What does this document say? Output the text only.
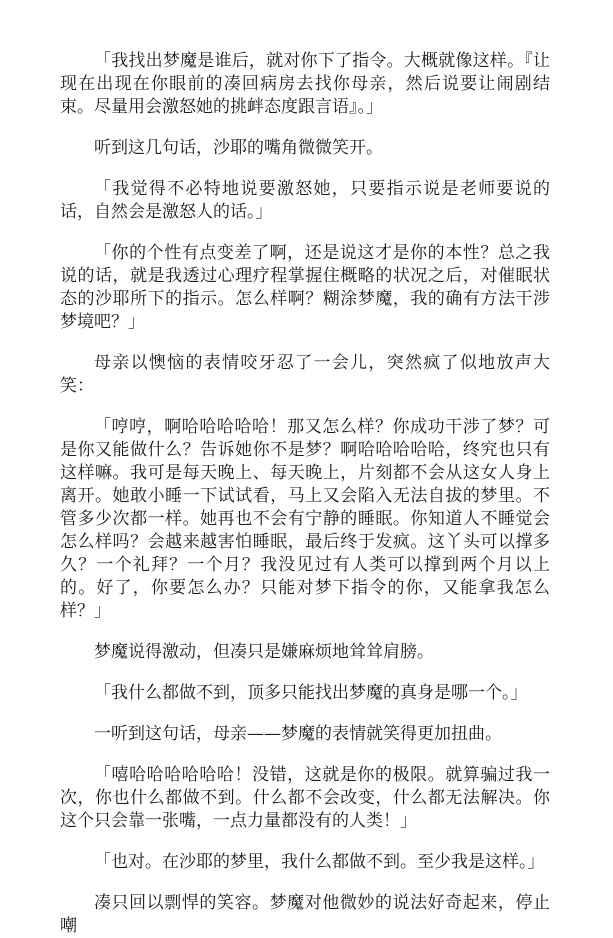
「我找出梦魔是谁后，就对你下了指令。大概就像这样。『让现在出现在你眼前的凑回病房去找你母亲，然后说要让闹剧结束。尽量用会激怒她的挑衅态度跟言语』。」

听到这几句话，沙耶的嘴角微微笑开。

「我觉得不必特地说要激怒她，只要指示说是老师要说的话，自然会是激怒人的话。」

「你的个性有点变差了啊，还是说这才是你的本性？总之我说的话，就是我透过心理疗程掌握住概略的状况之后，对催眠状态的沙耶所下的指示。怎么样啊？糊涂梦魔，我的确有方法干涉梦境吧？」

母亲以懊恼的表情咬牙忍了一会儿，突然疯了似地放声大笑：

「哼哼，啊哈哈哈哈哈！那又怎么样？你成功干涉了梦？可是你又能做什么？告诉她你不是梦？啊哈哈哈哈哈，终究也只有这样嘛。我可是每天晚上、每天晚上，片刻都不会从这女人身上离开。她敢小睡一下试试看，马上又会陷入无法自拔的梦里。不管多少次都一样。她再也不会有宁静的睡眠。你知道人不睡觉会怎么样吗？会越来越害怕睡眠，最后终于发疯。这丫头可以撑多久？一个礼拜？一个月？我没见过有人类可以撑到两个月以上的。好了，你要怎么办？只能对梦下指令的你，又能拿我怎么样？」

梦魔说得激动，但凑只是嫌麻烦地耸耸肩膀。

「我什么都做不到，顶多只能找出梦魔的真身是哪一个。」

一听到这句话，母亲——梦魔的表情就笑得更加扭曲。

「嘻哈哈哈哈哈哈！没错，这就是你的极限。就算骗过我一次，你也什么都做不到。什么都不会改变，什么都无法解决。你这个只会靠一张嘴，一点力量都没有的人类！」

「也对。在沙耶的梦里，我什么都做不到。至少我是这样。」

凑只回以剽悍的笑容。梦魔对他微妙的说法好奇起来，停止嘲
